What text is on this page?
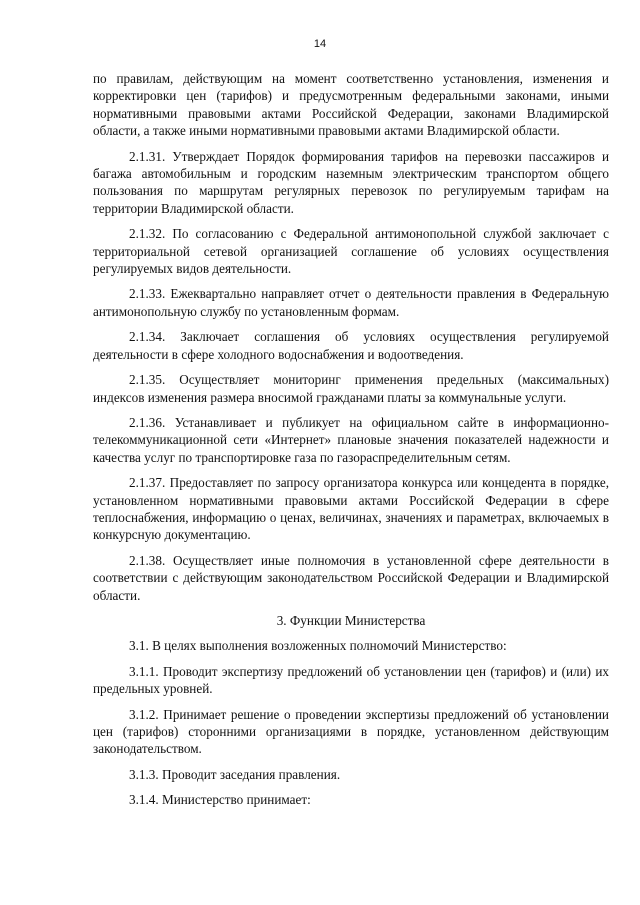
14

по правилам, действующим на момент соответственно установления, изменения и корректировки цен (тарифов) и предусмотренным федеральными законами, иными нормативными правовыми актами Российской Федерации, законами Владимирской области, а также иными нормативными правовыми актами Владимирской области.

2.1.31. Утверждает Порядок формирования тарифов на перевозки пассажиров и багажа автомобильным и городским наземным электрическим транспортом общего пользования по маршрутам регулярных перевозок по регулируемым тарифам на территории Владимирской области.

2.1.32. По согласованию с Федеральной антимонопольной службой заключает с территориальной сетевой организацией соглашение об условиях осуществления регулируемых видов деятельности.

2.1.33. Ежеквартально направляет отчет о деятельности правления в Федеральную антимонопольную службу по установленным формам.

2.1.34. Заключает соглашения об условиях осуществления регулируемой деятельности в сфере холодного водоснабжения и водоотведения.

2.1.35. Осуществляет мониторинг применения предельных (максимальных) индексов изменения размера вносимой гражданами платы за коммунальные услуги.

2.1.36. Устанавливает и публикует на официальном сайте в информационно-телекоммуникационной сети «Интернет» плановые значения показателей надежности и качества услуг по транспортировке газа по газораспределительным сетям.

2.1.37. Предоставляет по запросу организатора конкурса или концедента в порядке, установленном нормативными правовыми актами Российской Федерации в сфере теплоснабжения, информацию о ценах, величинах, значениях и параметрах, включаемых в конкурсную документацию.

2.1.38. Осуществляет иные полномочия в установленной сфере деятельности в соответствии с действующим законодательством Российской Федерации и Владимирской области.

3. Функции Министерства

3.1. В целях выполнения возложенных полномочий Министерство:

3.1.1. Проводит экспертизу предложений об установлении цен (тарифов) и (или) их предельных уровней.

3.1.2. Принимает решение о проведении экспертизы предложений об установлении цен (тарифов) сторонними организациями в порядке, установленном действующим законодательством.

3.1.3. Проводит заседания правления.

3.1.4. Министерство принимает:
